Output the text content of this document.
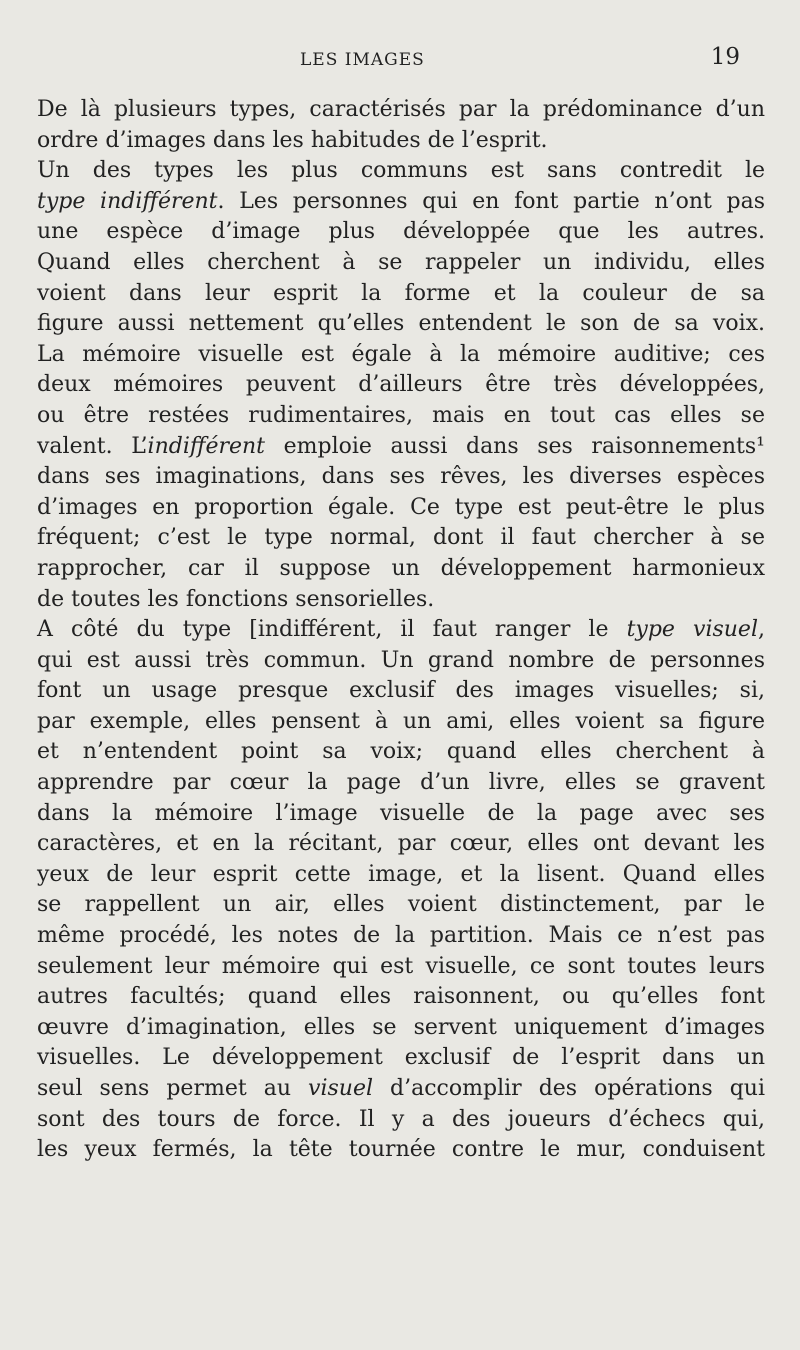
LES IMAGES	19
De là plusieurs types, caractérisés par la prédominance d’un
ordre d’images dans les habitudes de l’esprit.
Un des types les plus communs est sans contredit le
type indifférent. Les personnes qui en font partie n’ont pas
une espèce d’image plus développée que les autres.
Quand elles cherchent à se rappeler un individu, elles
voient dans leur esprit la forme et la couleur de sa
figure aussi nettement qu’elles entendent le son de sa voix.
La mémoire visuelle est égale à la mémoire auditive; ces
deux mémoires peuvent d’ailleurs être très développées,
ou être restées rudimentaires, mais en tout cas elles se
valent. L’indifférent emploie aussi dans ses raisonnements¹
dans ses imaginations, dans ses rêves, les diverses espèces
d’images en proportion égale. Ce type est peut-être le plus
fréquent; c’est le type normal, dont il faut chercher à se
rapprocher, car il suppose un développement harmonieux
de toutes les fonctions sensorielles.
A côté du type [indifférent, il faut ranger le type visuel,
qui est aussi très commun. Un grand nombre de personnes
font un usage presque exclusif des images visuelles; si,
par exemple, elles pensent à un ami, elles voient sa figure
et n’entendent point sa voix; quand elles cherchent à
apprendre par cœur la page d’un livre, elles se gravent
dans la mémoire l’image visuelle de la page avec ses
caractères, et en la récitant, par cœur, elles ont devant les
yeux de leur esprit cette image, et la lisent. Quand elles
se rappellent un air, elles voient distinctement, par le
même procédé, les notes de la partition. Mais ce n’est pas
seulement leur mémoire qui est visuelle, ce sont toutes leurs
autres facultés; quand elles raisonnent, ou qu’elles font
œuvre d’imagination, elles se servent uniquement d’images
visuelles. Le développement exclusif de l’esprit dans un
seul sens permet au visuel d’accomplir des opérations qui
sont des tours de force. Il y a des joueurs d’échecs qui,
les yeux fermés, la tête tournée contre le mur, conduisent
